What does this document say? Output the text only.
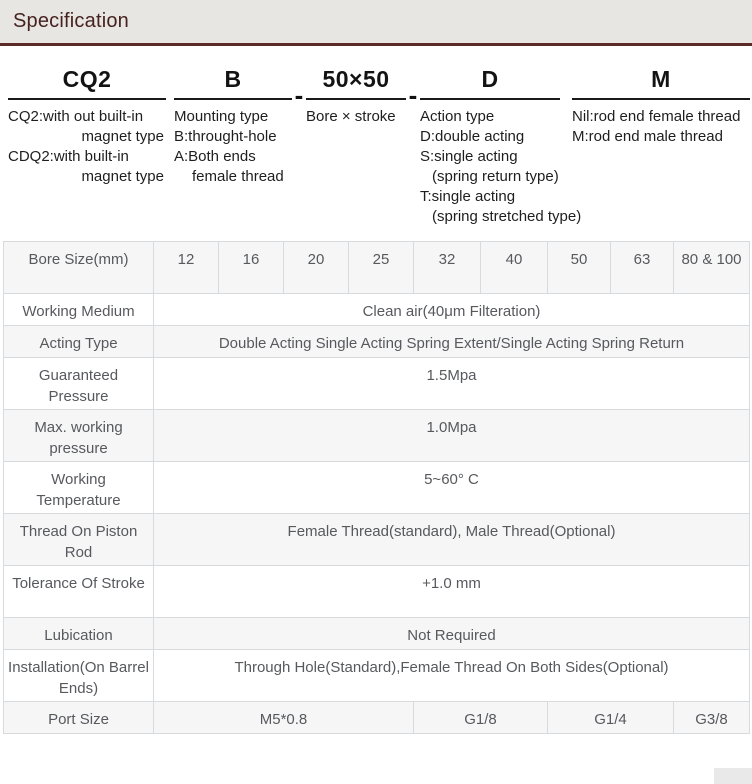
Specification
CQ2
CQ2:with out built-in
magnet type
CDQ2:with built-in
magnet type
B
Mounting type
B:throught-hole
A:Both ends
female thread
-
50×50
Bore × stroke
-
D
Action type
D:double acting
S:single acting
(spring return type)
T:single acting
(spring stretched type)
M
Nil:rod end female thread
M:rod end male thread
Bore Size(mm)	12	16	20	25	32	40	50	63	80 & 100
Working Medium	Clean air(40μm Filteration)								
Acting Type	Double Acting Single Acting Spring Extent/Single Acting Spring Return								
Guaranteed Pressure	1.5Mpa								
Max. working pressure	1.0Mpa								
Working Temperature	5~60° C								
Thread On Piston Rod	Female Thread(standard), Male Thread(Optional)								
Tolerance Of Stroke	+1.0 mm								
Lubication	Not Required								
Installation(On Barrel Ends)	Through Hole(Standard),Female Thread On Both Sides(Optional)								
Port Size	M5*0.8				G1/8		G1/4		G3/8
